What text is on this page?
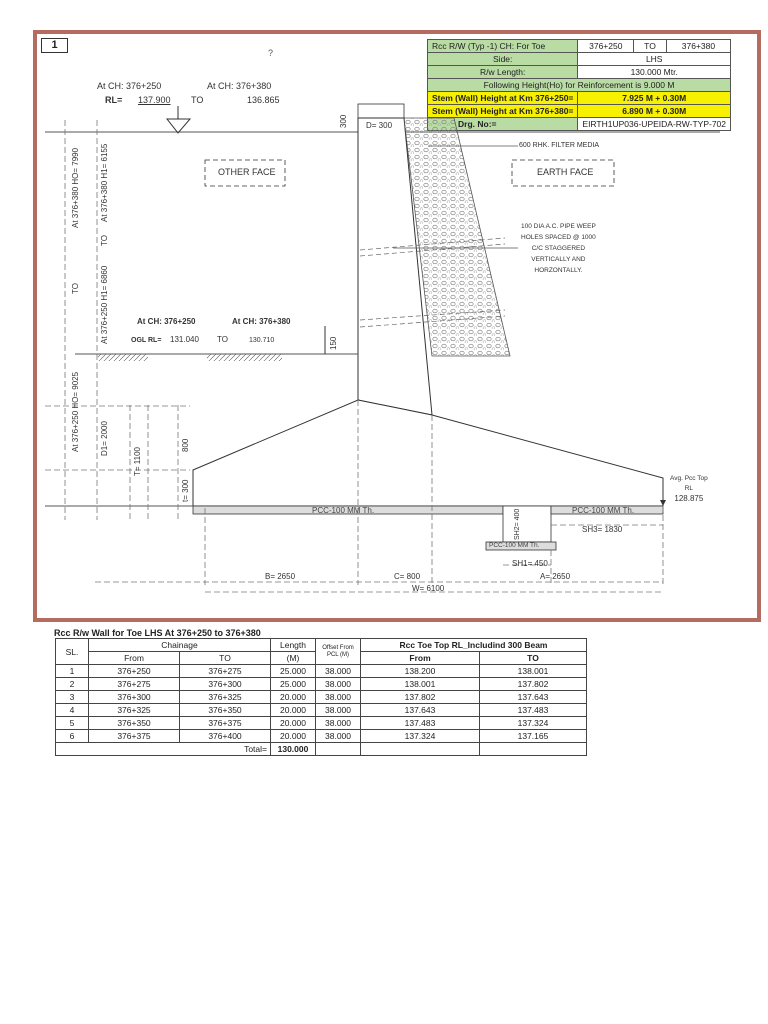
1	Rcc R/W (Typ -1) CH: For Toe	376+250	TO	376+380
Side:	LHS		
R/w Length:	130.000 Mtr.		
Following Height(Ho) for Reinforcement is 9.000 M			
Stem (Wall) Height at Km 376+250=	7.925 M + 0.30M		
Stem (Wall) Height at Km 376+380=	6.890 M + 0.30M		
Drg. No:=	EIRTH1UP036-UPEIDA-RW-TYP-702		
At CH: 376+250	At CH: 376+380
RL= 137.900 TO	136.865
300 D= 300
OTHER FACE	EARTH FACE
600 RHK. FILTER MEDIA
100 DIA A.C. PIPE WEEP
HOLES SPACED @ 1000
C/C STAGGERED
VERTICALLY AND
HORZONTALLY.
At 376+380 HO= 7990
TO
At 376+250 HO= 9025
At 376+380 H1= 6155
TO
At 376+250 H1= 6860	At CH: 376+250	At CH: 376+380
OGL RL= 131.040 TO	130.710	150
D1= 2000
T= 1100
800
t= 300
PCC-100 MM Th.	PCC-100 MM Th.
PCC-100 MM Th.
SH2= 400	SH3= 1830
SH1= 450
Avg. Pcc Top
RL
128.875
B= 2650	C= 800	A= 2650
W= 6100
Rcc R/w Wall for Toe LHS At 376+250 to 376+380
SL.	Chainage		Length	Offset From PCL (M)	Rcc Toe Top RL_Includind 300 Beam	
	From	TO	(M)		From	TO
1	376+250	376+275	25.000	38.000	138.200	138.001
2	376+275	376+300	25.000	38.000	138.001	137.802
3	376+300	376+325	20.000	38.000	137.802	137.643
4	376+325	376+350	20.000	38.000	137.643	137.483
5	376+350	376+375	20.000	38.000	137.483	137.324
6	376+375	376+400	20.000	38.000	137.324	137.165
Total=			130.000			
?
